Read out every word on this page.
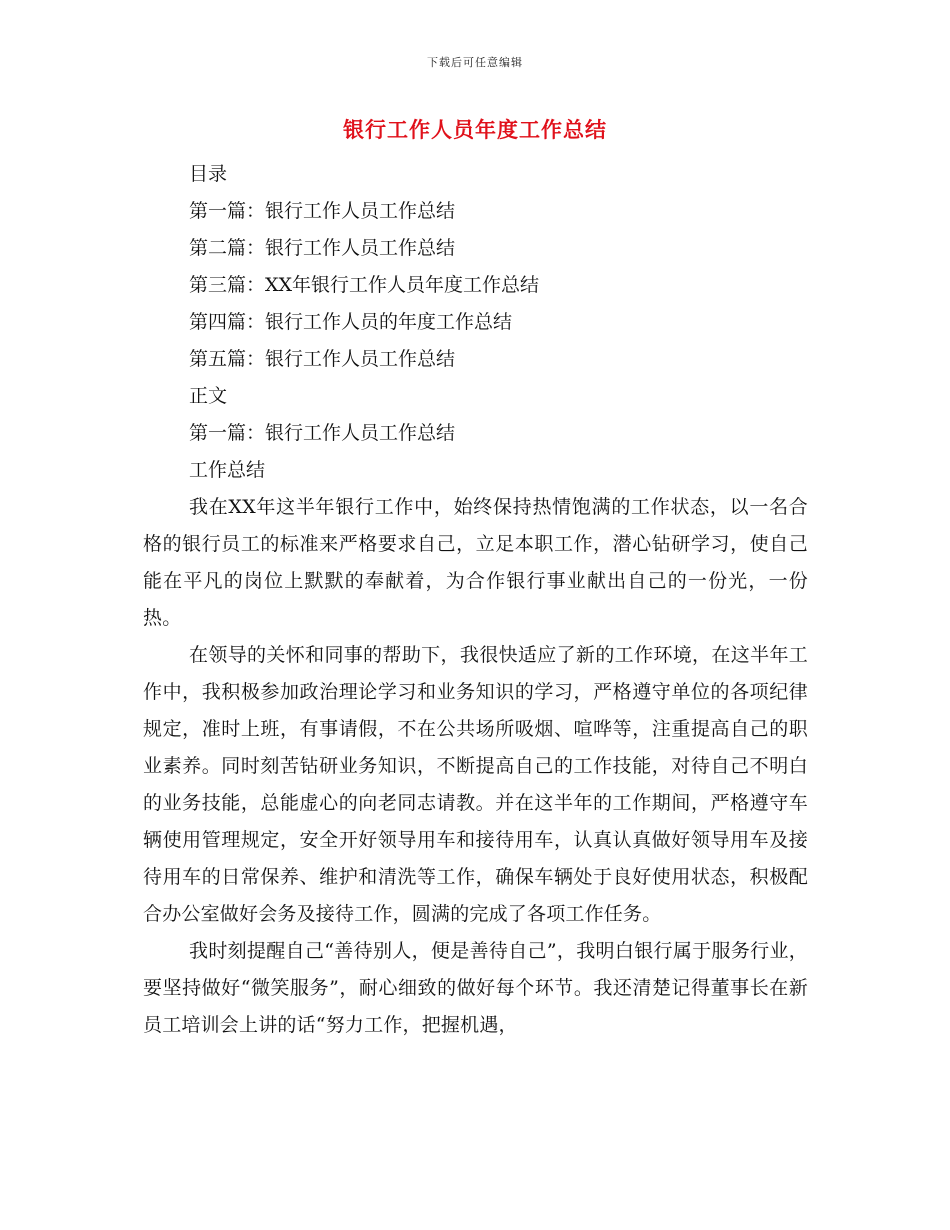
下载后可任意编辑
银行工作人员年度工作总结
目录
第一篇：银行工作人员工作总结
第二篇：银行工作人员工作总结
第三篇：XX年银行工作人员年度工作总结
第四篇：银行工作人员的年度工作总结
第五篇：银行工作人员工作总结
正文
第一篇：银行工作人员工作总结
工作总结

我在XX年这半年银行工作中，始终保持热情饱满的工作状态，以一名合格的银行员工的标准来严格要求自己，立足本职工作，潜心钻研学习，使自己能在平凡的岗位上默默的奉献着，为合作银行事业献出自己的一份光，一份热。

在领导的关怀和同事的帮助下，我很快适应了新的工作环境，在这半年工作中，我积极参加政治理论学习和业务知识的学习，严格遵守单位的各项纪律规定，准时上班，有事请假，不在公共场所吸烟、喧哗等，注重提高自己的职业素养。同时刻苦钻研业务知识，不断提高自己的工作技能，对待自己不明白的业务技能，总能虚心的向老同志请教。并在这半年的工作期间，严格遵守车辆使用管理规定，安全开好领导用车和接待用车，认真认真做好领导用车及接待用车的日常保养、维护和清洗等工作，确保车辆处于良好使用状态，积极配合办公室做好会务及接待工作，圆满的完成了各项工作任务。

我时刻提醒自己“善待别人，便是善待自己”，我明白银行属于服务行业，要坚持做好“微笑服务”，耐心细致的做好每个环节。我还清楚记得董事长在新员工培训会上讲的话“努力工作，把握机遇，
